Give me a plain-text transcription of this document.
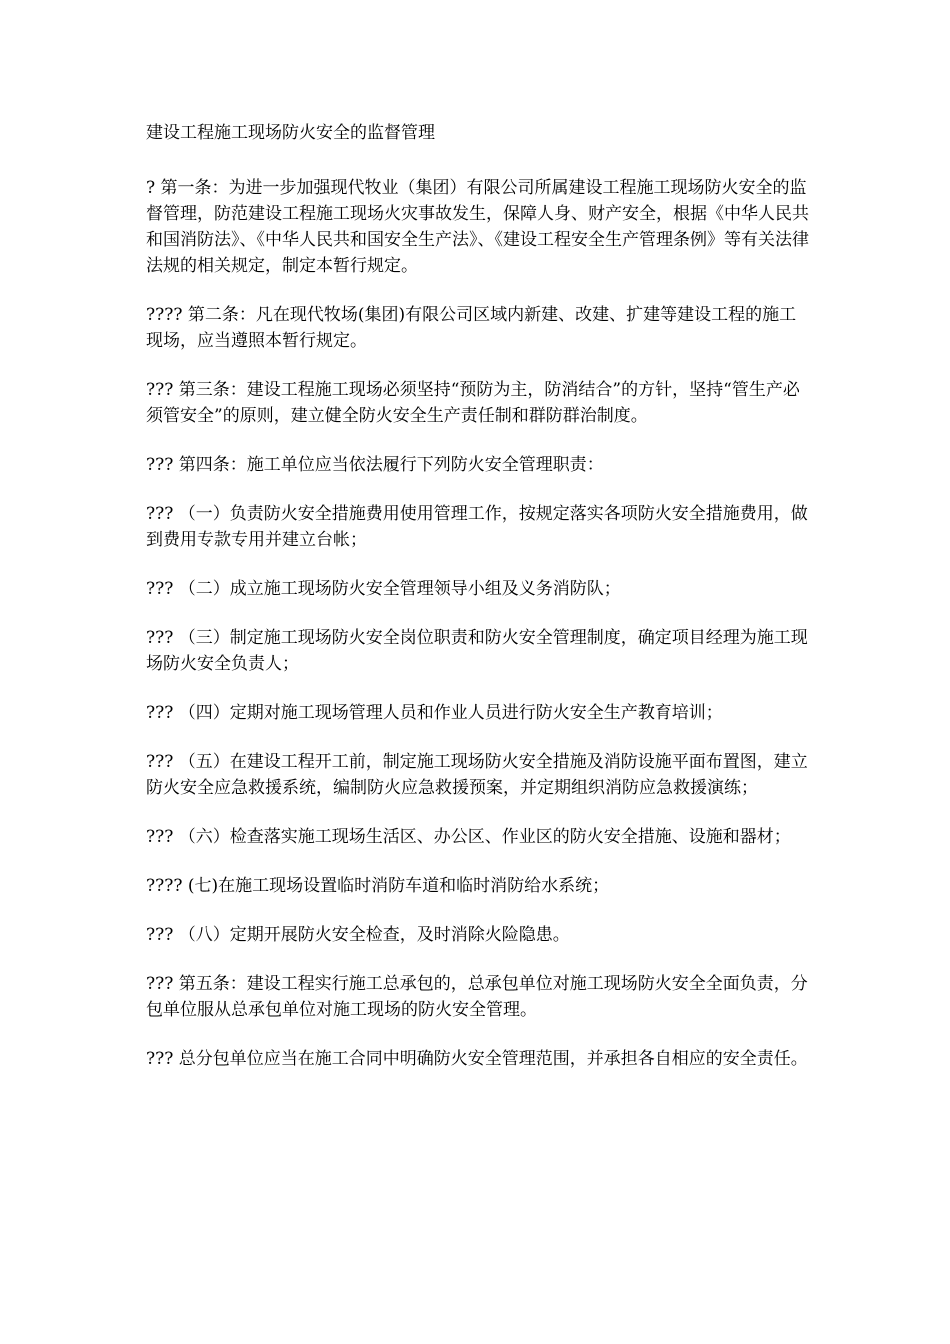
建设工程施工现场防火安全的监督管理

? 第一条：为进一步加强现代牧业（集团）有限公司所属建设工程施工现场防火安全的监督管理，防范建设工程施工现场火灾事故发生，保障人身、财产安全，根据《中华人民共和国消防法》、《中华人民共和国安全生产法》、《建设工程安全生产管理条例》等有关法律法规的相关规定，制定本暂行规定。

???? 第二条：凡在现代牧场(集团)有限公司区域内新建、改建、扩建等建设工程的施工现场，应当遵照本暂行规定。

??? 第三条：建设工程施工现场必须坚持“预防为主，防消结合”的方针，坚持“管生产必须管安全”的原则，建立健全防火安全生产责任制和群防群治制度。

??? 第四条：施工单位应当依法履行下列防火安全管理职责：

??? （一）负责防火安全措施费用使用管理工作，按规定落实各项防火安全措施费用，做到费用专款专用并建立台帐；

??? （二）成立施工现场防火安全管理领导小组及义务消防队；

??? （三）制定施工现场防火安全岗位职责和防火安全管理制度，确定项目经理为施工现场防火安全负责人；

??? （四）定期对施工现场管理人员和作业人员进行防火安全生产教育培训；

??? （五）在建设工程开工前，制定施工现场防火安全措施及消防设施平面布置图，建立防火安全应急救援系统，编制防火应急救援预案，并定期组织消防应急救援演练；

??? （六）检查落实施工现场生活区、办公区、作业区的防火安全措施、设施和器材；

???? (七)在施工现场设置临时消防车道和临时消防给水系统；

??? （八）定期开展防火安全检查，及时消除火险隐患。

??? 第五条：建设工程实行施工总承包的，总承包单位对施工现场防火安全全面负责，分包单位服从总承包单位对施工现场的防火安全管理。

??? 总分包单位应当在施工合同中明确防火安全管理范围，并承担各自相应的安全责任。
